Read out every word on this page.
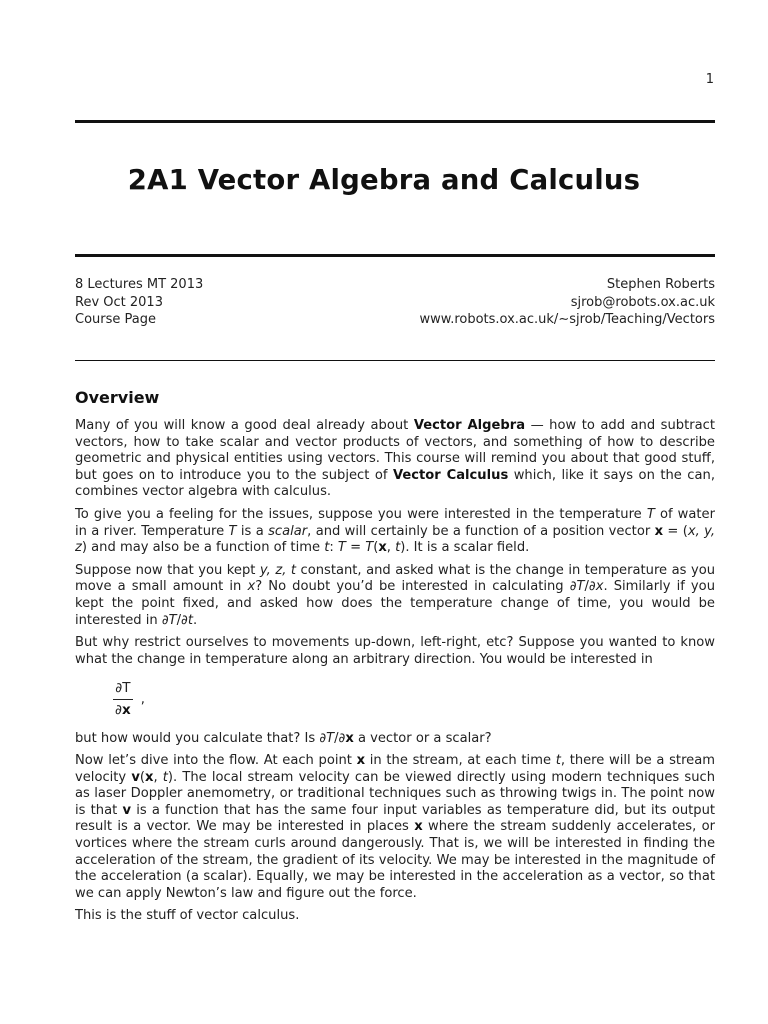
1
2A1 Vector Algebra and Calculus
8 Lectures MT 2013
Rev Oct 2013
Course Page
Stephen Roberts
sjrob@robots.ox.ac.uk
www.robots.ox.ac.uk/∼sjrob/Teaching/Vectors
Overview

Many of you will know a good deal already about Vector Algebra — how to add and subtract vectors, how to take scalar and vector products of vectors, and something of how to describe geometric and physical entities using vectors. This course will remind you about that good stuff, but goes on to introduce you to the subject of Vector Calculus which, like it says on the can, combines vector algebra with calculus.

To give you a feeling for the issues, suppose you were interested in the temperature T of water in a river. Temperature T is a scalar, and will certainly be a function of a position vector x = (x, y, z) and may also be a function of time t: T = T(x, t). It is a scalar field.

Suppose now that you kept y, z, t constant, and asked what is the change in temperature as you move a small amount in x? No doubt you’d be interested in calculating ∂T/∂x. Similarly if you kept the point fixed, and asked how does the temperature change of time, you would be interested in ∂T/∂t.

But why restrict ourselves to movements up-down, left-right, etc? Suppose you wanted to know what the change in temperature along an arbitrary direction. You would be interested in

$\frac{\partial T}{\partial x}$ ,

but how would you calculate that? Is ∂T/∂x a vector or a scalar?

Now let’s dive into the flow. At each point x in the stream, at each time t, there will be a stream velocity v(x, t). The local stream velocity can be viewed directly using modern techniques such as laser Doppler anemometry, or traditional techniques such as throwing twigs in. The point now is that v is a function that has the same four input variables as temperature did, but its output result is a vector. We may be interested in places x where the stream suddenly accelerates, or vortices where the stream curls around dangerously. That is, we will be interested in finding the acceleration of the stream, the gradient of its velocity. We may be interested in the magnitude of the acceleration (a scalar). Equally, we may be interested in the acceleration as a vector, so that we can apply Newton’s law and figure out the force.

This is the stuff of vector calculus.
